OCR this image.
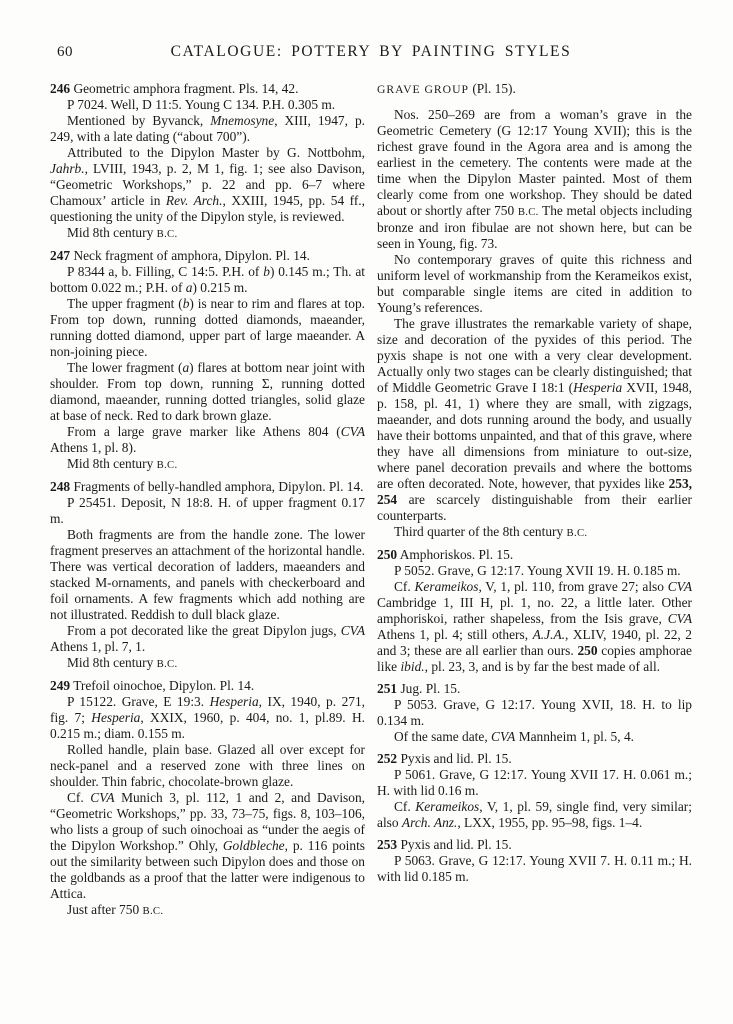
60	CATALOGUE: POTTERY BY PAINTING STYLES

246 Geometric amphora fragment. Pls. 14, 42.

P 7024. Well, D 11:5. Young C 134. P.H. 0.305 m.

Mentioned by Byvanck, Mnemosyne, XIII, 1947, p. 249, with a late dating (“about 700”).

Attributed to the Dipylon Master by G. Nottbohm, Jahrb., LVIII, 1943, p. 2, M 1, fig. 1; see also Davison, “Geometric Workshops,” p. 22 and pp. 6–7 where Chamoux’ article in Rev. Arch., XXIII, 1945, pp. 54 ff., questioning the unity of the Dipylon style, is reviewed.

Mid 8th century B.C.

247 Neck fragment of amphora, Dipylon. Pl. 14.

P 8344 a, b. Filling, C 14:5. P.H. of b) 0.145 m.; Th. at bottom 0.022 m.; P.H. of a) 0.215 m.

The upper fragment (b) is near to rim and flares at top. From top down, running dotted diamonds, maeander, running dotted diamond, upper part of large maeander. A non-joining piece.

The lower fragment (a) flares at bottom near joint with shoulder. From top down, running Σ, running dotted diamond, maeander, running dotted triangles, solid glaze at base of neck. Red to dark brown glaze.

From a large grave marker like Athens 804 (CVA Athens 1, pl. 8).

Mid 8th century B.C.

248 Fragments of belly-handled amphora, Dipylon. Pl. 14.

P 25451. Deposit, N 18:8. H. of upper fragment 0.17 m.

Both fragments are from the handle zone. The lower fragment preserves an attachment of the horizontal handle. There was vertical decoration of ladders, maeanders and stacked M-ornaments, and panels with checkerboard and foil ornaments. A few fragments which add nothing are not illustrated. Reddish to dull black glaze.

From a pot decorated like the great Dipylon jugs, CVA Athens 1, pl. 7, 1.

Mid 8th century B.C.

249 Trefoil oinochoe, Dipylon. Pl. 14.

P 15122. Grave, E 19:3. Hesperia, IX, 1940, p. 271, fig. 7; Hesperia, XXIX, 1960, p. 404, no. 1, pl.89. H. 0.215 m.; diam. 0.155 m.

Rolled handle, plain base. Glazed all over except for neck-panel and a reserved zone with three lines on shoulder. Thin fabric, chocolate-brown glaze.

Cf. CVA Munich 3, pl. 112, 1 and 2, and Davison, “Geometric Workshops,” pp. 33, 73–75, figs. 8, 103–106, who lists a group of such oinochoai as “under the aegis of the Dipylon Workshop.” Ohly, Goldbleche, p. 116 points out the similarity between such Dipylon does and those on the goldbands as a proof that the latter were indigenous to Attica.

Just after 750 B.C.

GRAVE GROUP (Pl. 15).

Nos. 250–269 are from a woman’s grave in the Geometric Cemetery (G 12:17 Young XVII); this is the richest grave found in the Agora area and is among the earliest in the cemetery. The contents were made at the time when the Dipylon Master painted. Most of them clearly come from one workshop. They should be dated about or shortly after 750 B.C. The metal objects including bronze and iron fibulae are not shown here, but can be seen in Young, fig. 73.

No contemporary graves of quite this richness and uniform level of workmanship from the Kerameikos exist, but comparable single items are cited in addition to Young’s references.

The grave illustrates the remarkable variety of shape, size and decoration of the pyxides of this period. The pyxis shape is not one with a very clear development. Actually only two stages can be clearly distinguished; that of Middle Geometric Grave I 18:1 (Hesperia XVII, 1948, p. 158, pl. 41, 1) where they are small, with zigzags, maeander, and dots running around the body, and usually have their bottoms unpainted, and that of this grave, where they have all dimensions from miniature to out-size, where panel decoration prevails and where the bottoms are often decorated. Note, however, that pyxides like 253, 254 are scarcely distinguishable from their earlier counterparts.

Third quarter of the 8th century B.C.

250 Amphoriskos. Pl. 15.

P 5052. Grave, G 12:17. Young XVII 19. H. 0.185 m.

Cf. Kerameikos, V, 1, pl. 110, from grave 27; also CVA Cambridge 1, III H, pl. 1, no. 22, a little later. Other amphoriskoi, rather shapeless, from the Isis grave, CVA Athens 1, pl. 4; still others, A.J.A., XLIV, 1940, pl. 22, 2 and 3; these are all earlier than ours. 250 copies amphorae like ibid., pl. 23, 3, and is by far the best made of all.

251 Jug. Pl. 15.

P 5053. Grave, G 12:17. Young XVII, 18. H. to lip 0.134 m.

Of the same date, CVA Mannheim 1, pl. 5, 4.

252 Pyxis and lid. Pl. 15.

P 5061. Grave, G 12:17. Young XVII 17. H. 0.061 m.; H. with lid 0.16 m.

Cf. Kerameikos, V, 1, pl. 59, single find, very similar; also Arch. Anz., LXX, 1955, pp. 95–98, figs. 1–4.

253 Pyxis and lid. Pl. 15.

P 5063. Grave, G 12:17. Young XVII 7. H. 0.11 m.; H. with lid 0.185 m.
